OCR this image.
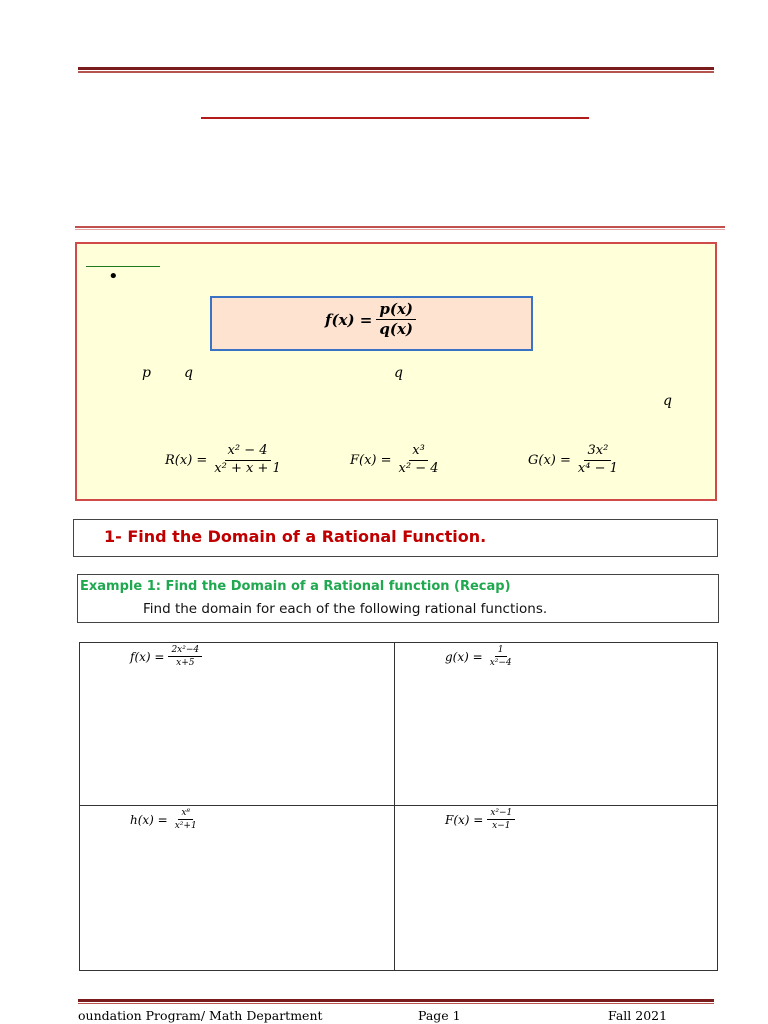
•
$f(x) = \frac{p(x)}{q(x)}$
p q	q
q
$R(x) = \frac{\text{x² − 4}}{\text{x² + x + 1}}$	$F(x) = \frac{\text{x³}}{\text{x² − 4}}$	$G(x) = \frac{\text{3x²}}{\text{x⁴ − 1}}$
1- Find the Domain of a Rational Function.
Example 1: Find the Domain of a Rational function (Recap)
Find the domain for each of the following rational functions.
$f(x) = \frac{\text{2x²−4}}{x+5}$	$g(x) = \frac{1}{\text{x²−4}}$
$h(x) = \frac{\text{x⁸}}{\text{x²+1}}$	$F(x) = \frac{\text{x²−1}}{x-1}$
oundation Program/ Math Department	Page 1	Fall 2021
